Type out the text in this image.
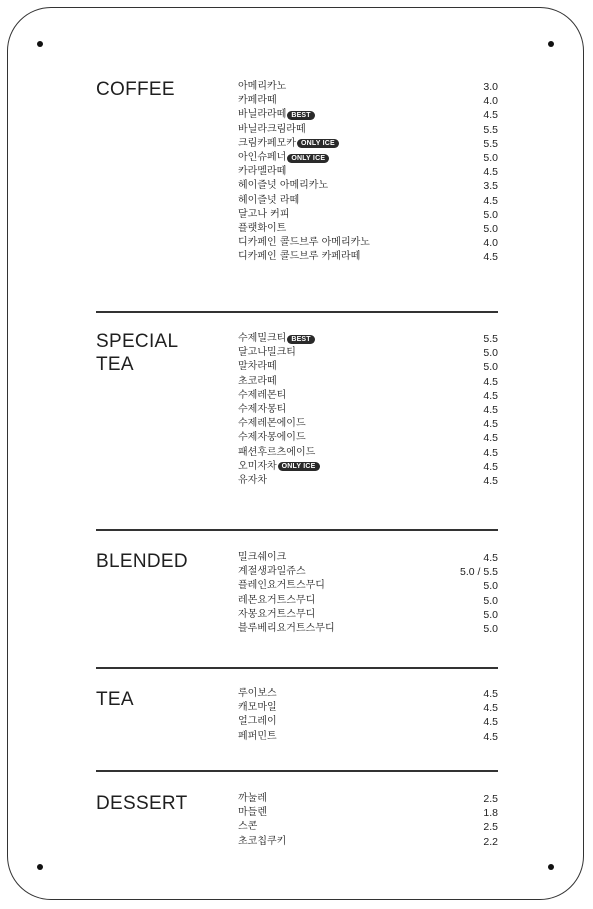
COFFEE	아메리카노	3.0
카페라떼	4.0
바닐라라떼 BEST	4.5
바닐라크림라떼	5.5
크림카페모카 ONLY ICE	5.5
아인슈페너 ONLY ICE	5.0
카라멜라떼	4.5
헤이즐넛 아메리카노	3.5
헤이즐넛 라떼	4.5
달고나 커피	5.0
플랫화이트	5.0
디카페인 콜드브루 아메리카노	4.0
디카페인 콜드브루 카페라떼	4.5
SPECIAL
TEA
수제밀크티 BEST	5.5
달고나밀크티	5.0
말차라떼	5.0
초코라떼	4.5
수제레몬티	4.5
수제자몽티	4.5
수제레몬에이드	4.5
수제자몽에이드	4.5
패션후르츠에이드	4.5
오미자차 ONLY ICE	4.5
유자차	4.5
BLENDED	밀크쉐이크	4.5
계절생과일쥬스	5.0 / 5.5
플레인요거트스무디	5.0
레몬요거트스무디	5.0
자몽요거트스무디	5.0
블루베리요거트스무디	5.0
TEA	루이보스	4.5
캐모마일	4.5
얼그레이	4.5
페퍼민트	4.5
DESSERT	까눌레	2.5
마들렌	1.8
스콘	2.5
초코칩쿠키	2.2
